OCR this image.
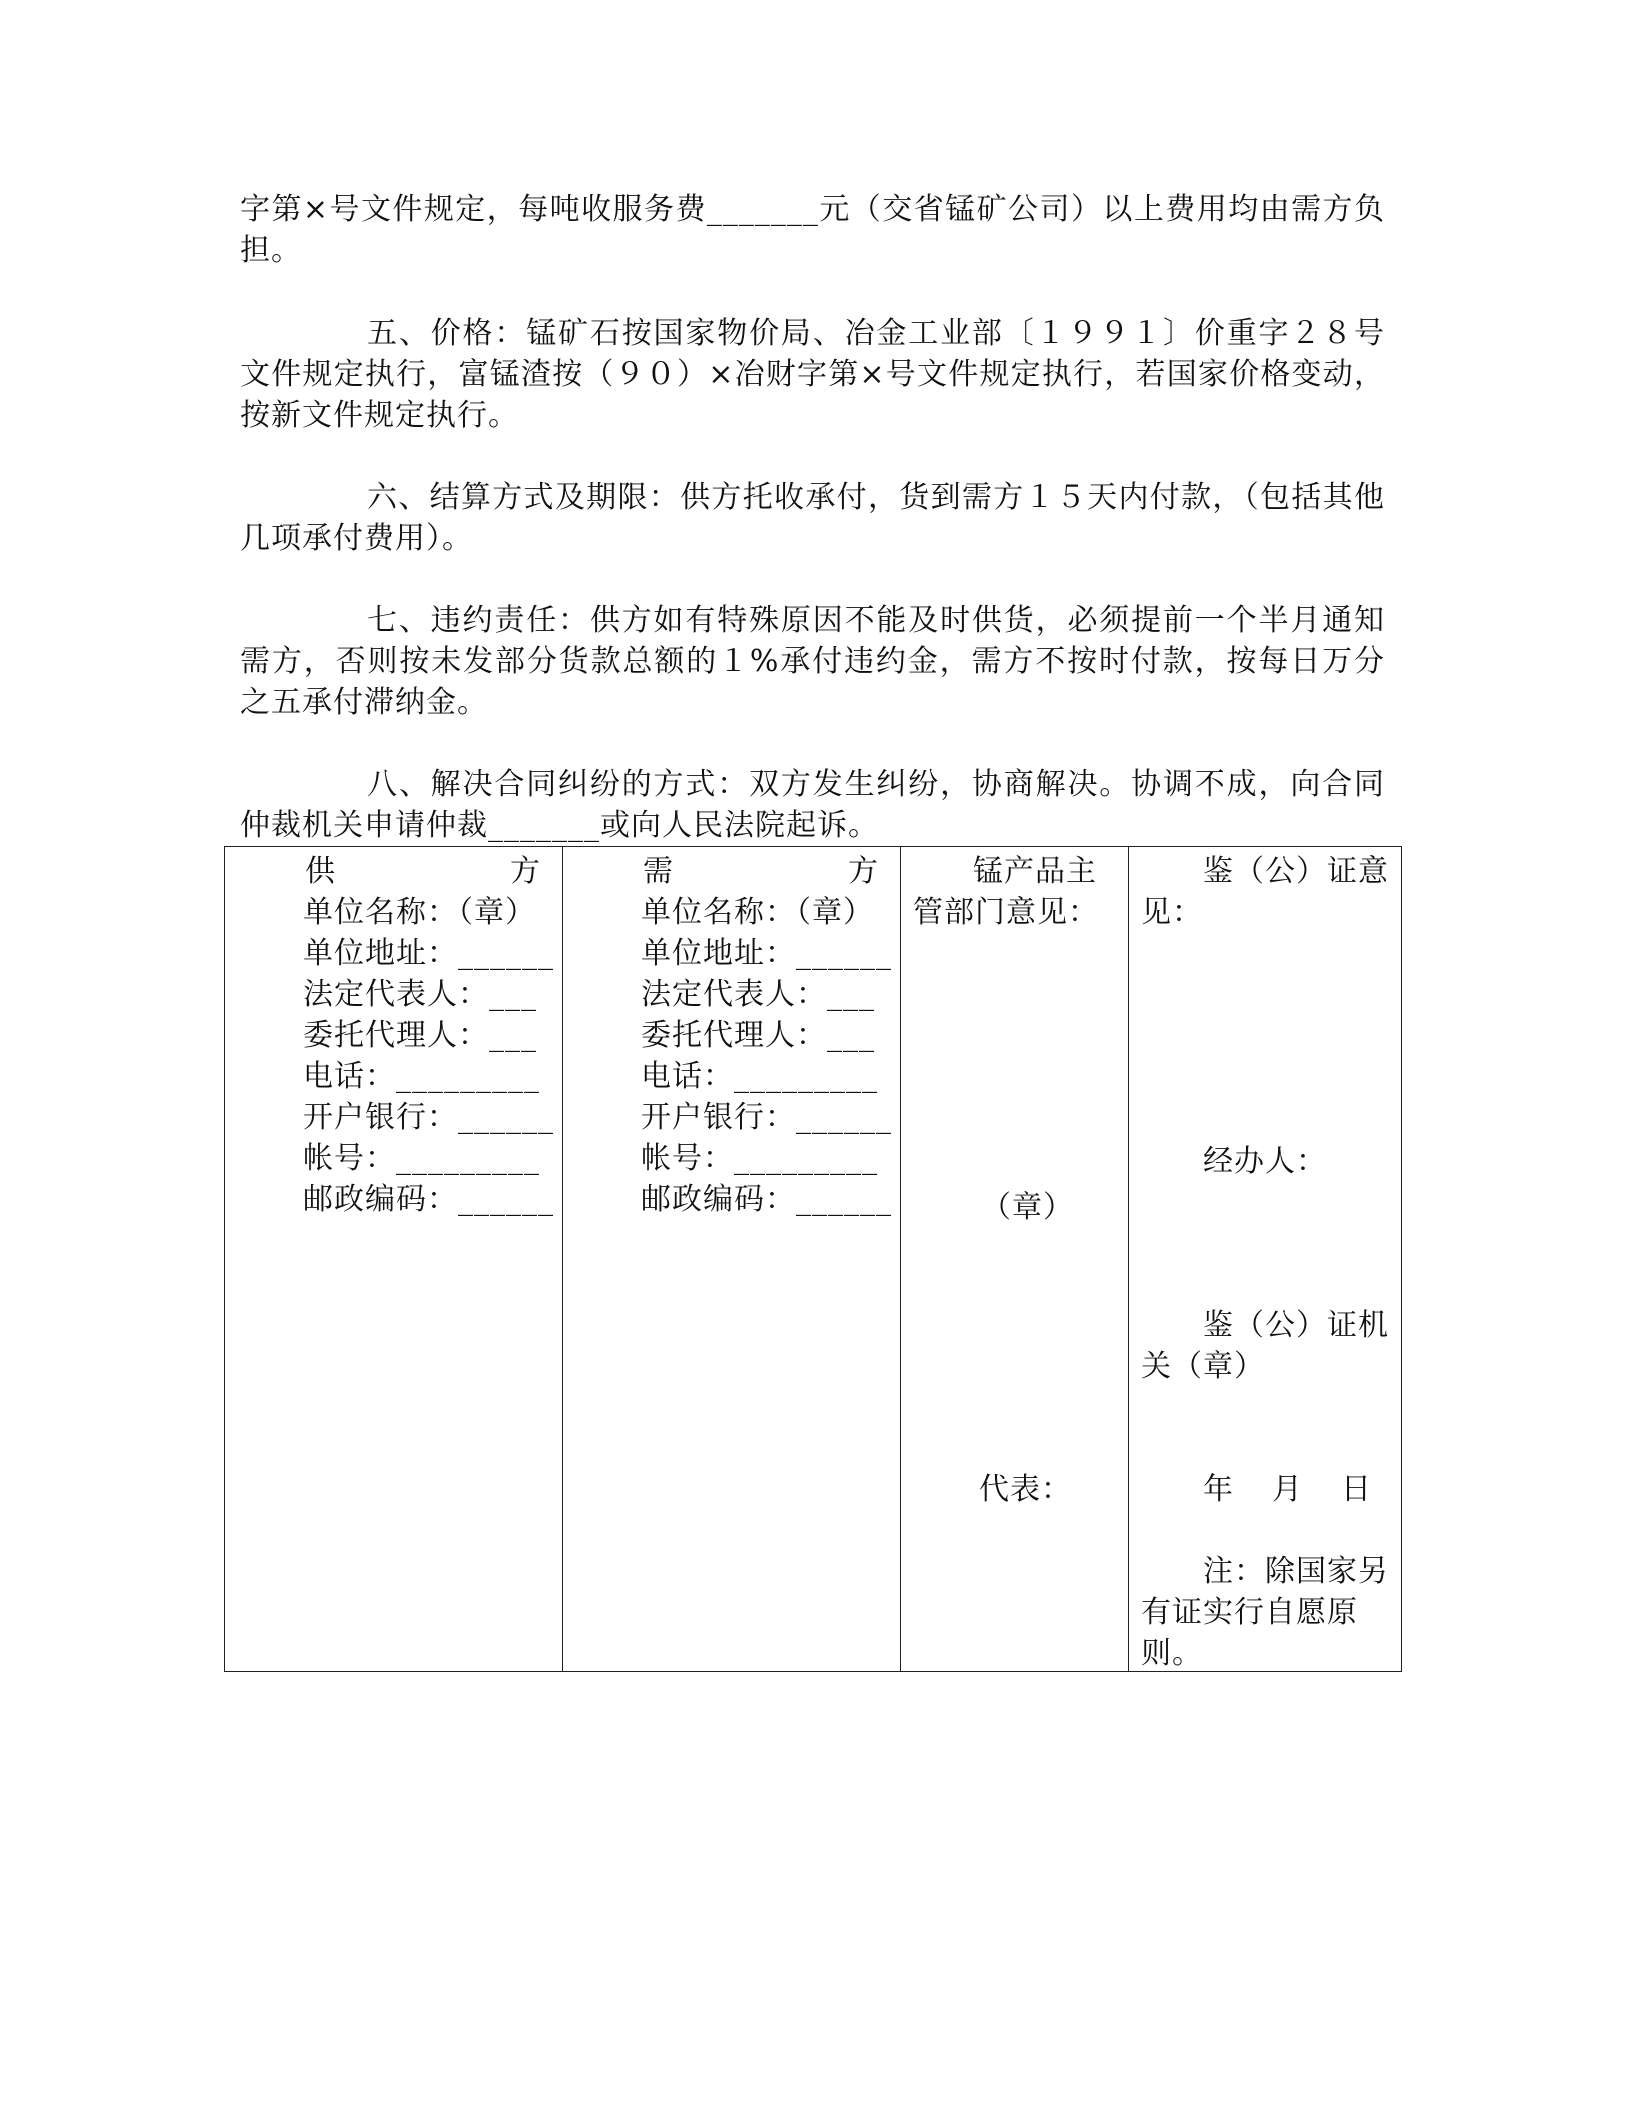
字第×号文件规定，每吨收服务费_______元（交省锰矿公司）以上费用均由需方负担。

五、价格：锰矿石按国家物价局、冶金工业部〔１９９１〕价重字２８号文件规定执行，富锰渣按（９０）×冶财字第×号文件规定执行，若国家价格变动，按新文件规定执行。

六、结算方式及期限：供方托收承付，货到需方１５天内付款，（包括其他几项承付费用）。

七、违约责任：供方如有特殊原因不能及时供货，必须提前一个半月通知需方，否则按未发部分货款总额的１%承付违约金，需方不按时付款，按每日万分之五承付滞纳金。

八、解决合同纠纷的方式：双方发生纠纷，协商解决。协调不成，向合同仲裁机关申请仲裁_______或向人民法院起诉。

供	方
单位名称：（章）
单位地址：______
法定代表人：___
委托代理人：___
电话：_________
开户银行：______
帐号：_________
邮政编码：______

需	方
单位名称：（章）
单位地址：______
法定代表人：___
委托代理人：___
电话：_________
开户银行：______
帐号：_________
邮政编码：______

锰产品主管部门意见：
（章）
代表：

鉴（公）证意见：
经办人：
鉴（公）证机关（章）
年 月 日
注：除国家另有证实行自愿原则。
